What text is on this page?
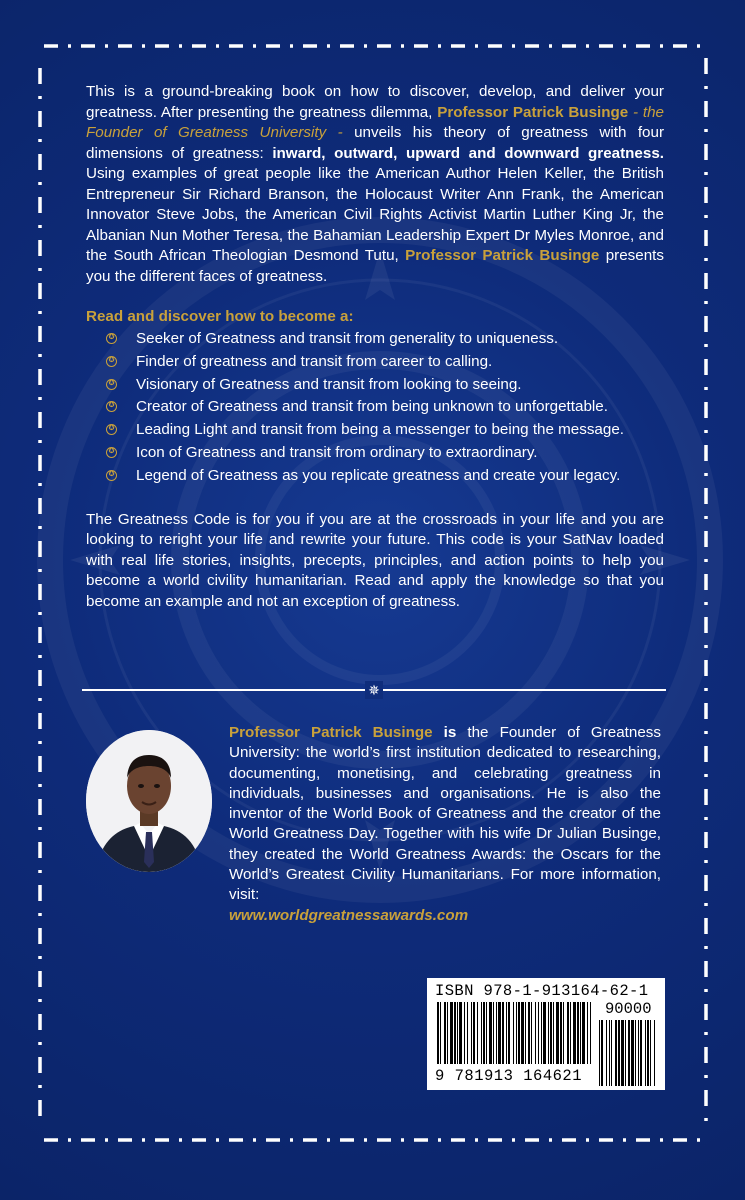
This is a ground-breaking book on how to discover, develop, and deliver your greatness. After presenting the greatness dilemma, Professor Patrick Businge - the Founder of Greatness University - unveils his theory of greatness with four dimensions of greatness: inward, outward, upward and downward greatness. Using examples of great people like the American Author Helen Keller, the British Entrepreneur Sir Richard Branson, the Holocaust Writer Ann Frank, the American Innovator Steve Jobs, the American Civil Rights Activist Martin Luther King Jr, the Albanian Nun Mother Teresa, the Bahamian Leadership Expert Dr Myles Monroe, and the South African Theologian Desmond Tutu, Professor Patrick Businge presents you the different faces of greatness.

Read and discover how to become a:
✪ Seeker of Greatness and transit from generality to uniqueness.
✪ Finder of greatness and transit from career to calling.
✪ Visionary of Greatness and transit from looking to seeing.
✪ Creator of Greatness and transit from being unknown to unforgettable.
✪ Leading Light and transit from being a messenger to being the message.
✪ Icon of Greatness and transit from ordinary to extraordinary.
✪ Legend of Greatness as you replicate greatness and create your legacy.

The Greatness Code is for you if you are at the crossroads in your life and you are looking to reright your life and rewrite your future. This code is your SatNav loaded with real life stories, insights, precepts, principles, and action points to help you become a world civility humanitarian. Read and apply the knowledge so that you become an example and not an exception of greatness.

✵

Professor Patrick Businge is the Founder of Greatness University: the world’s first institution dedicated to researching, documenting, monetising, and celebrating greatness in individuals, businesses and organisations. He is also the inventor of the World Book of Greatness and the creator of the World Greatness Day. Together with his wife Dr Julian Businge, they created the World Greatness Awards: the Oscars for the World’s Greatest Civility Humanitarians. For more information, visit:
www.worldgreatnessawards.com

ISBN 978-1-913164-62-1
90000
9 781913 164621
